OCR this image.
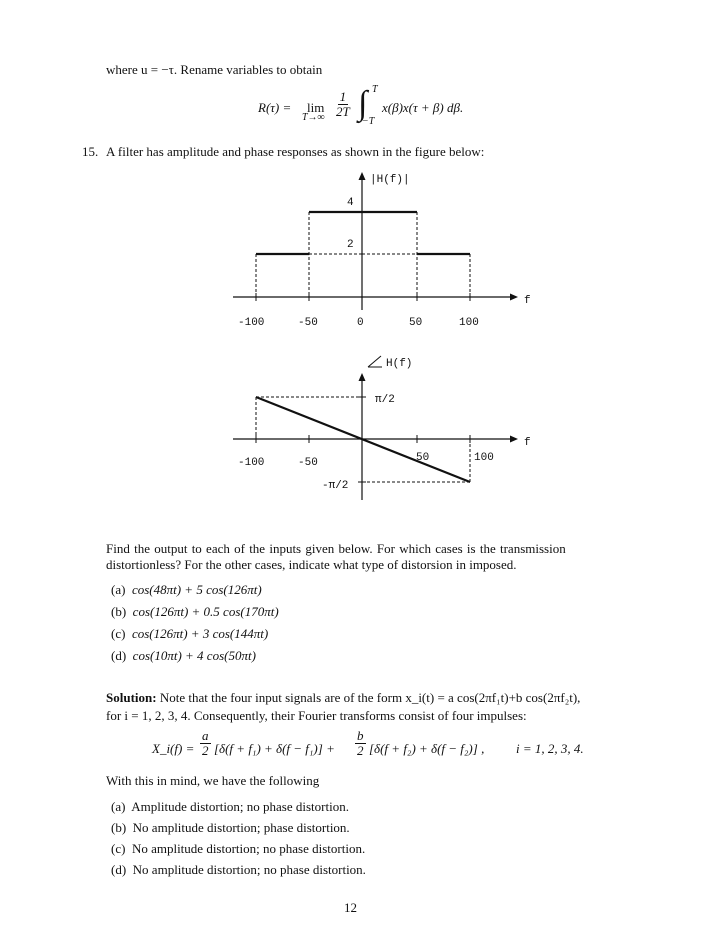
where u = −τ. Rename variables to obtain
R(τ) = lim
$T\to\infty \frac{1}{2T}$ ∫ T
−T
x(β)x(τ + β) dβ.
15. A filter has amplitude and phase responses as shown in the figure below:
|H(f)|
4
2
f
-100	-50	0	50	100
H(f)
π/2
-π/2
f
-100	-50	50	100
Find the output to each of the inputs given below. For which cases is the transmission
distortionless? For the other cases, indicate what type of distorsion in imposed.
(a) cos(48πt) + 5 cos(126πt)
(b) cos(126πt) + 0.5 cos(170πt)
(c) cos(126πt) + 3 cos(144πt)
(d) cos(10πt) + 4 cos(50πt)
Solution: Note that the four input signals are of the form x_i(t) = a cos(2πf₁t)+b cos(2πf₂t),
for i = 1, 2, 3, 4. Consequently, their Fourier transforms consist of four impulses:
X_i(f) = $\frac{a}{2} [\delta(f + f_1) + \delta(f - f_1)] + \frac{b}{2} [\delta(f + f_2) + \delta(f - f_2)]$ , i = 1, 2, 3, 4.
With this in mind, we have the following
(a) Amplitude distortion; no phase distortion.
(b) No amplitude distortion; phase distortion.
(c) No amplitude distortion; no phase distortion.
(d) No amplitude distortion; no phase distortion.
12
